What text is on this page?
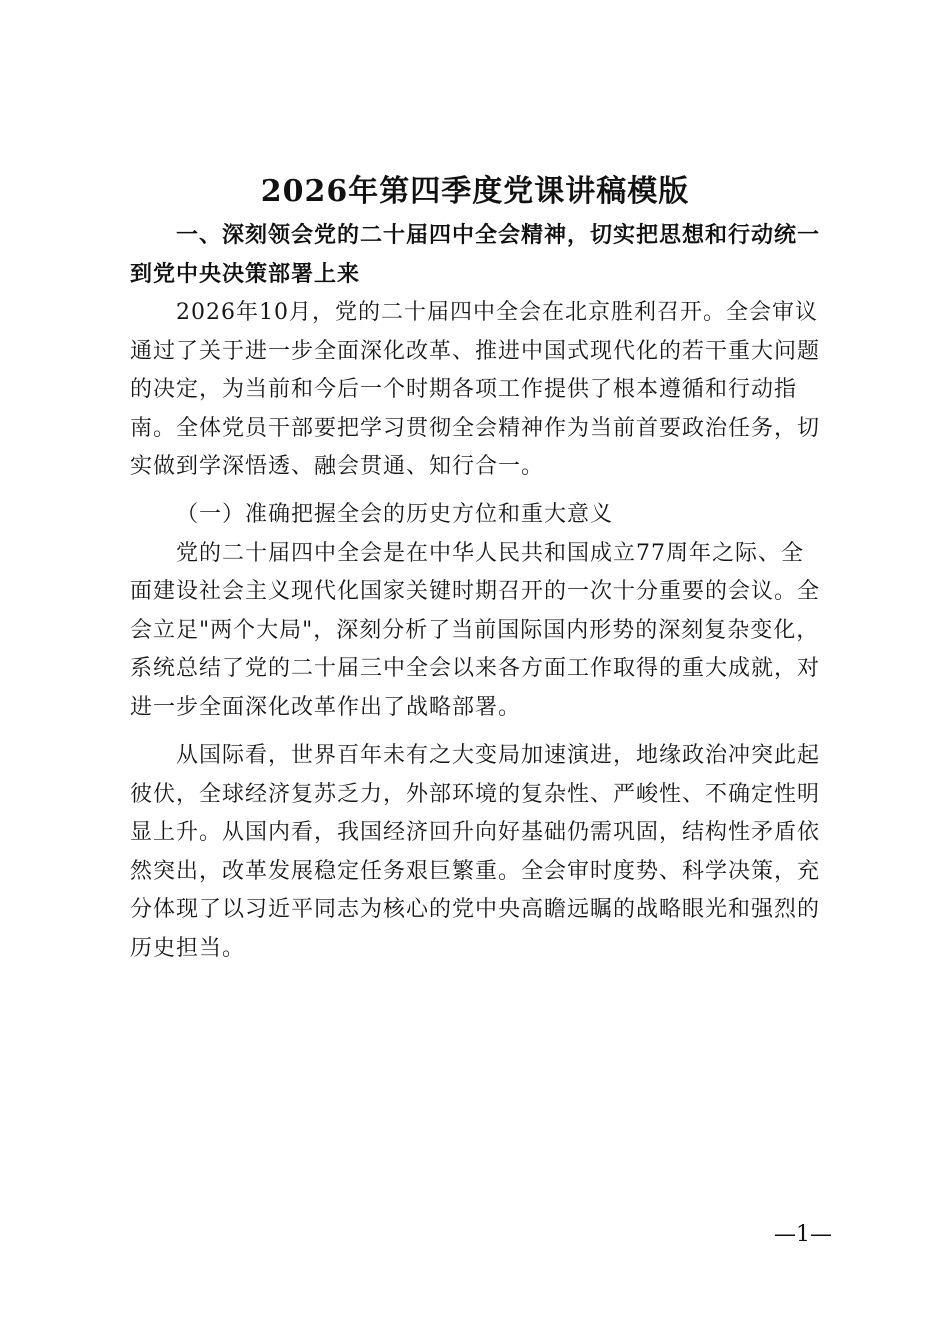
2026年第四季度党课讲稿模版

一、深刻领会党的二十届四中全会精神，切实把思想和行动统一到党中央决策部署上来

2026年10月，党的二十届四中全会在北京胜利召开。全会审议通过了关于进一步全面深化改革、推进中国式现代化的若干重大问题的决定，为当前和今后一个时期各项工作提供了根本遵循和行动指南。全体党员干部要把学习贯彻全会精神作为当前首要政治任务，切实做到学深悟透、融会贯通、知行合一。

（一）准确把握全会的历史方位和重大意义

党的二十届四中全会是在中华人民共和国成立77周年之际、全面建设社会主义现代化国家关键时期召开的一次十分重要的会议。全会立足"两个大局"，深刻分析了当前国际国内形势的深刻复杂变化，系统总结了党的二十届三中全会以来各方面工作取得的重大成就，对进一步全面深化改革作出了战略部署。

从国际看，世界百年未有之大变局加速演进，地缘政治冲突此起彼伏，全球经济复苏乏力，外部环境的复杂性、严峻性、不确定性明显上升。从国内看，我国经济回升向好基础仍需巩固，结构性矛盾依然突出，改革发展稳定任务艰巨繁重。全会审时度势、科学决策，充分体现了以习近平同志为核心的党中央高瞻远瞩的战略眼光和强烈的历史担当。

—1—
